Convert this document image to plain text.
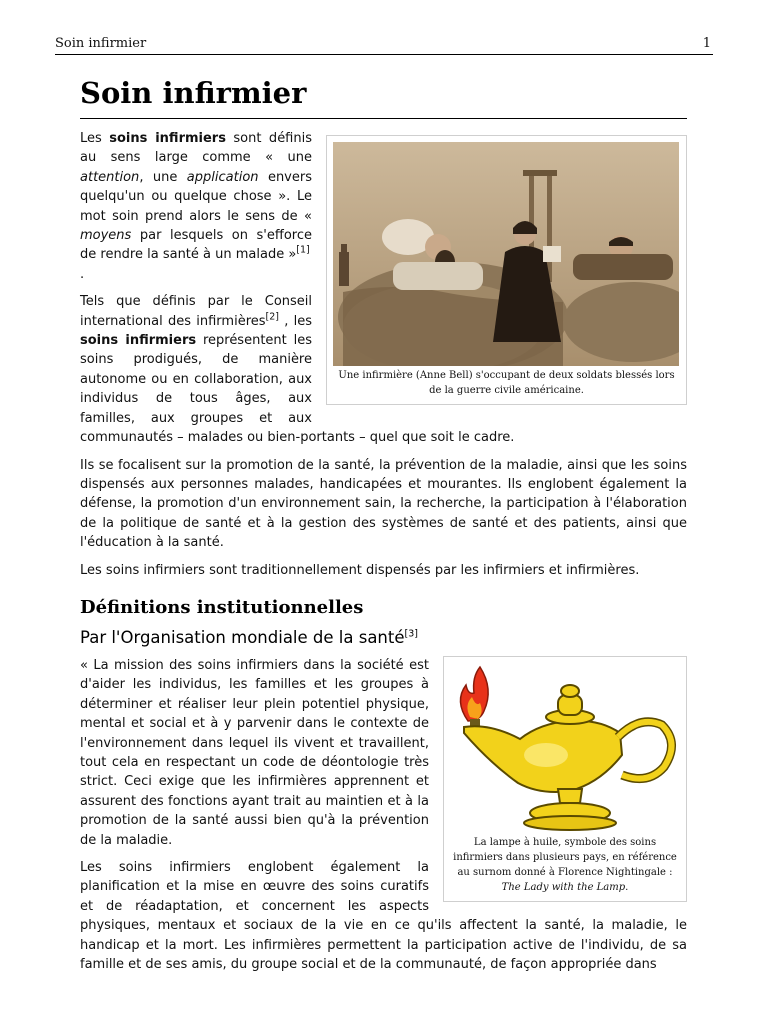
Soin infirmier	1
Soin infirmier
Une infirmière (Anne Bell) s'occupant de deux soldats blessés lors de la guerre civile américaine.

Les soins infirmiers sont définis au sens large comme « une attention, une application envers quelqu'un ou quelque chose ». Le mot soin prend alors le sens de « moyens par lesquels on s'efforce de rendre la santé à un malade »[1]
.

Tels que définis par le Conseil international des infirmières[2] , les soins infirmiers représentent les soins prodigués, de manière autonome ou en collaboration, aux individus de tous âges, aux familles, aux groupes et aux communautés – malades ou bien-portants – quel que soit le cadre.

Ils se focalisent sur la promotion de la santé, la prévention de la maladie, ainsi que les soins dispensés aux personnes malades, handicapées et mourantes. Ils englobent également la défense, la promotion d'un environnement sain, la recherche, la participation à l'élaboration de la politique de santé et à la gestion des systèmes de santé et des patients, ainsi que l'éducation à la santé.

Les soins infirmiers sont traditionnellement dispensés par les infirmiers et infirmières.

Définitions institutionnelles
Par l'Organisation mondiale de la santé[3]
La lampe à huile, symbole des soins infirmiers dans plusieurs pays, en référence au surnom donné à Florence Nightingale : The Lady with the Lamp.

« La mission des soins infirmiers dans la société est d'aider les individus, les familles et les groupes à déterminer et réaliser leur plein potentiel physique, mental et social et à y parvenir dans le contexte de l'environnement dans lequel ils vivent et travaillent, tout cela en respectant un code de déontologie très strict. Ceci exige que les infirmières apprennent et assurent des fonctions ayant trait au maintien et à la promotion de la santé aussi bien qu'à la prévention de la maladie.

Les soins infirmiers englobent également la planification et la mise en œuvre des soins curatifs et de réadaptation, et concernent les aspects physiques, mentaux et sociaux de la vie en ce qu'ils affectent la santé, la maladie, le handicap et la mort. Les infirmières permettent la participation active de l'individu, de sa famille et de ses amis, du groupe social et de la communauté, de façon appropriée dans
